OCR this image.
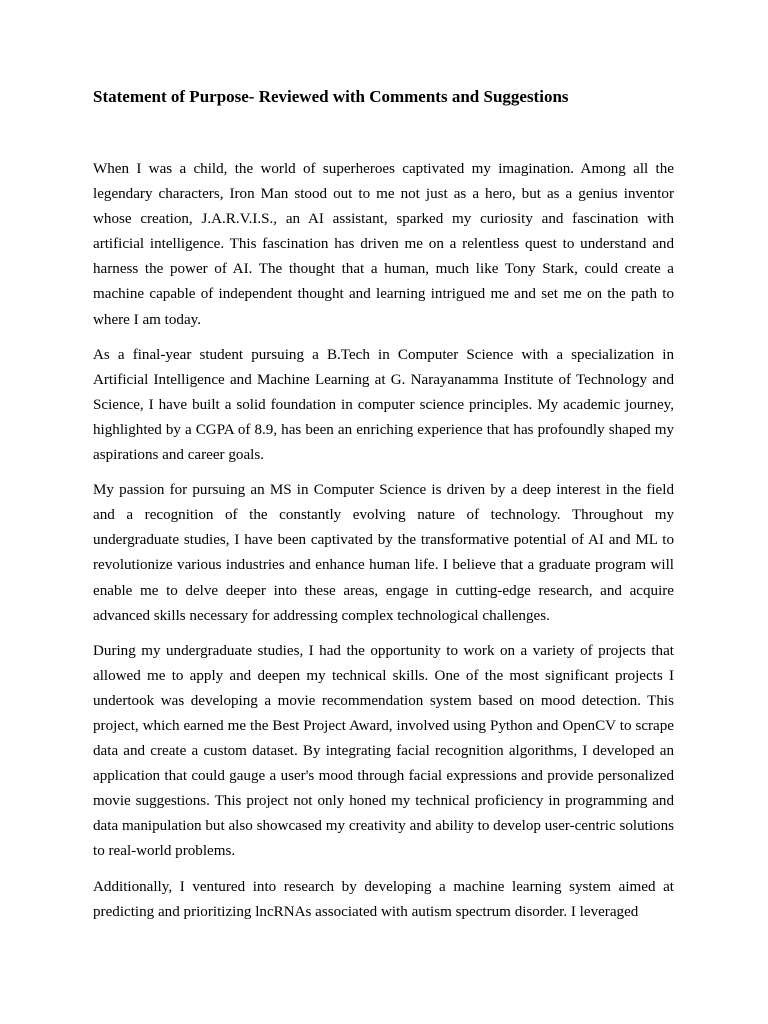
Statement of Purpose- Reviewed with Comments and Suggestions

When I was a child, the world of superheroes captivated my imagination. Among all the legendary characters, Iron Man stood out to me not just as a hero, but as a genius inventor whose creation, J.A.R.V.I.S., an AI assistant, sparked my curiosity and fascination with artificial intelligence. This fascination has driven me on a relentless quest to understand and harness the power of AI. The thought that a human, much like Tony Stark, could create a machine capable of independent thought and learning intrigued me and set me on the path to where I am today.

As a final-year student pursuing a B.Tech in Computer Science with a specialization in Artificial Intelligence and Machine Learning at G. Narayanamma Institute of Technology and Science, I have built a solid foundation in computer science principles. My academic journey, highlighted by a CGPA of 8.9, has been an enriching experience that has profoundly shaped my aspirations and career goals.

My passion for pursuing an MS in Computer Science is driven by a deep interest in the field and a recognition of the constantly evolving nature of technology. Throughout my undergraduate studies, I have been captivated by the transformative potential of AI and ML to revolutionize various industries and enhance human life. I believe that a graduate program will enable me to delve deeper into these areas, engage in cutting-edge research, and acquire advanced skills necessary for addressing complex technological challenges.

During my undergraduate studies, I had the opportunity to work on a variety of projects that allowed me to apply and deepen my technical skills. One of the most significant projects I undertook was developing a movie recommendation system based on mood detection. This project, which earned me the Best Project Award, involved using Python and OpenCV to scrape data and create a custom dataset. By integrating facial recognition algorithms, I developed an application that could gauge a user's mood through facial expressions and provide personalized movie suggestions. This project not only honed my technical proficiency in programming and data manipulation but also showcased my creativity and ability to develop user-centric solutions to real-world problems.

Additionally, I ventured into research by developing a machine learning system aimed at predicting and prioritizing lncRNAs associated with autism spectrum disorder. I leveraged
